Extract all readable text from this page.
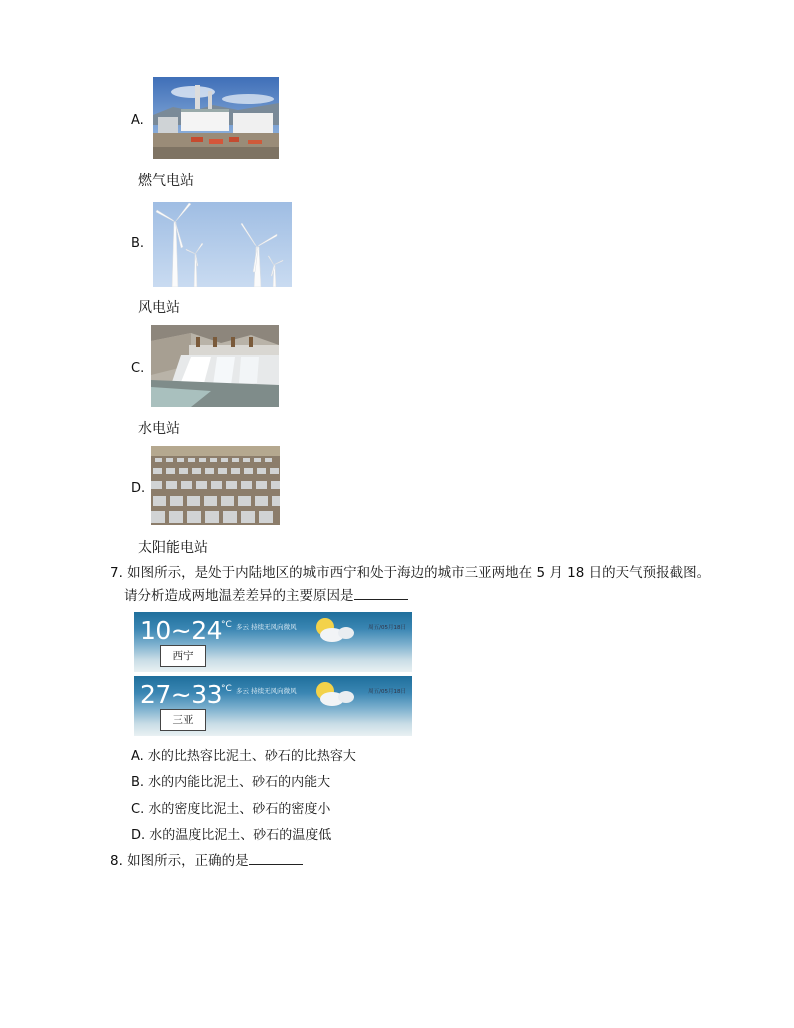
A.
燃气电站
B.
风电站
C.
水电站
D.
太阳能电站
7. 如图所示，是处于内陆地区的城市西宁和处于海边的城市三亚两地在 5 月 18 日的天气预报截图。
请分析造成两地温差差异的主要原因是
10~24
°C 多云 持续无风向微风	周五/05月18日
西宁
27~33
°C 多云 持续无风向微风	周五/05月18日
三亚
A. 水的比热容比泥土、砂石的比热容大
B. 水的内能比泥土、砂石的内能大
C. 水的密度比泥土、砂石的密度小
D. 水的温度比泥土、砂石的温度低
8. 如图所示，正确的是
